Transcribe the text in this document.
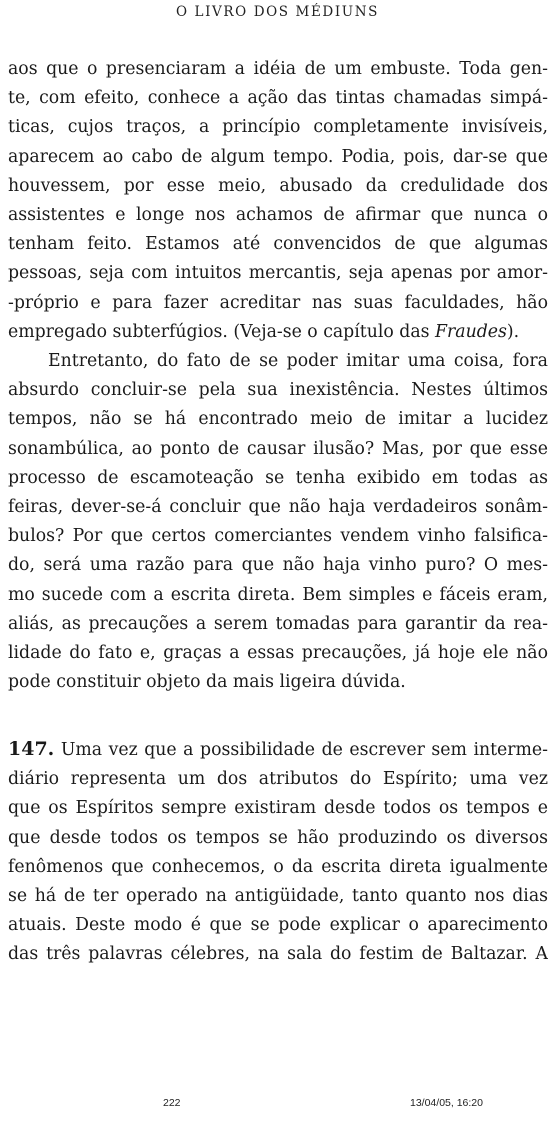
O LIVRO DOS MÉDIUNS
aos que o presenciaram a idéia de um embuste. Toda gen-
te, com efeito, conhece a ação das tintas chamadas simpá-
ticas, cujos traços, a princípio completamente invisíveis,
aparecem ao cabo de algum tempo. Podia, pois, dar-se que
houvessem, por esse meio, abusado da credulidade dos
assistentes e longe nos achamos de afirmar que nunca o
tenham feito. Estamos até convencidos de que algumas
pessoas, seja com intuitos mercantis, seja apenas por amor-
-próprio e para fazer acreditar nas suas faculdades, hão
empregado subterfúgios. (Veja-se o capítulo das Fraudes).
Entretanto, do fato de se poder imitar uma coisa, fora
absurdo concluir-se pela sua inexistência. Nestes últimos
tempos, não se há encontrado meio de imitar a lucidez
sonambúlica, ao ponto de causar ilusão? Mas, por que esse
processo de escamoteação se tenha exibido em todas as
feiras, dever-se-á concluir que não haja verdadeiros sonâm-
bulos? Por que certos comerciantes vendem vinho falsifica-
do, será uma razão para que não haja vinho puro? O mes-
mo sucede com a escrita direta. Bem simples e fáceis eram,
aliás, as precauções a serem tomadas para garantir da rea-
lidade do fato e, graças a essas precauções, já hoje ele não
pode constituir objeto da mais ligeira dúvida.
147. Uma vez que a possibilidade de escrever sem interme-
diário representa um dos atributos do Espírito; uma vez
que os Espíritos sempre existiram desde todos os tempos e
que desde todos os tempos se hão produzindo os diversos
fenômenos que conhecemos, o da escrita direta igualmente
se há de ter operado na antigüidade, tanto quanto nos dias
atuais. Deste modo é que se pode explicar o aparecimento
das três palavras célebres, na sala do festim de Baltazar. A
222	13/04/05, 16:20
